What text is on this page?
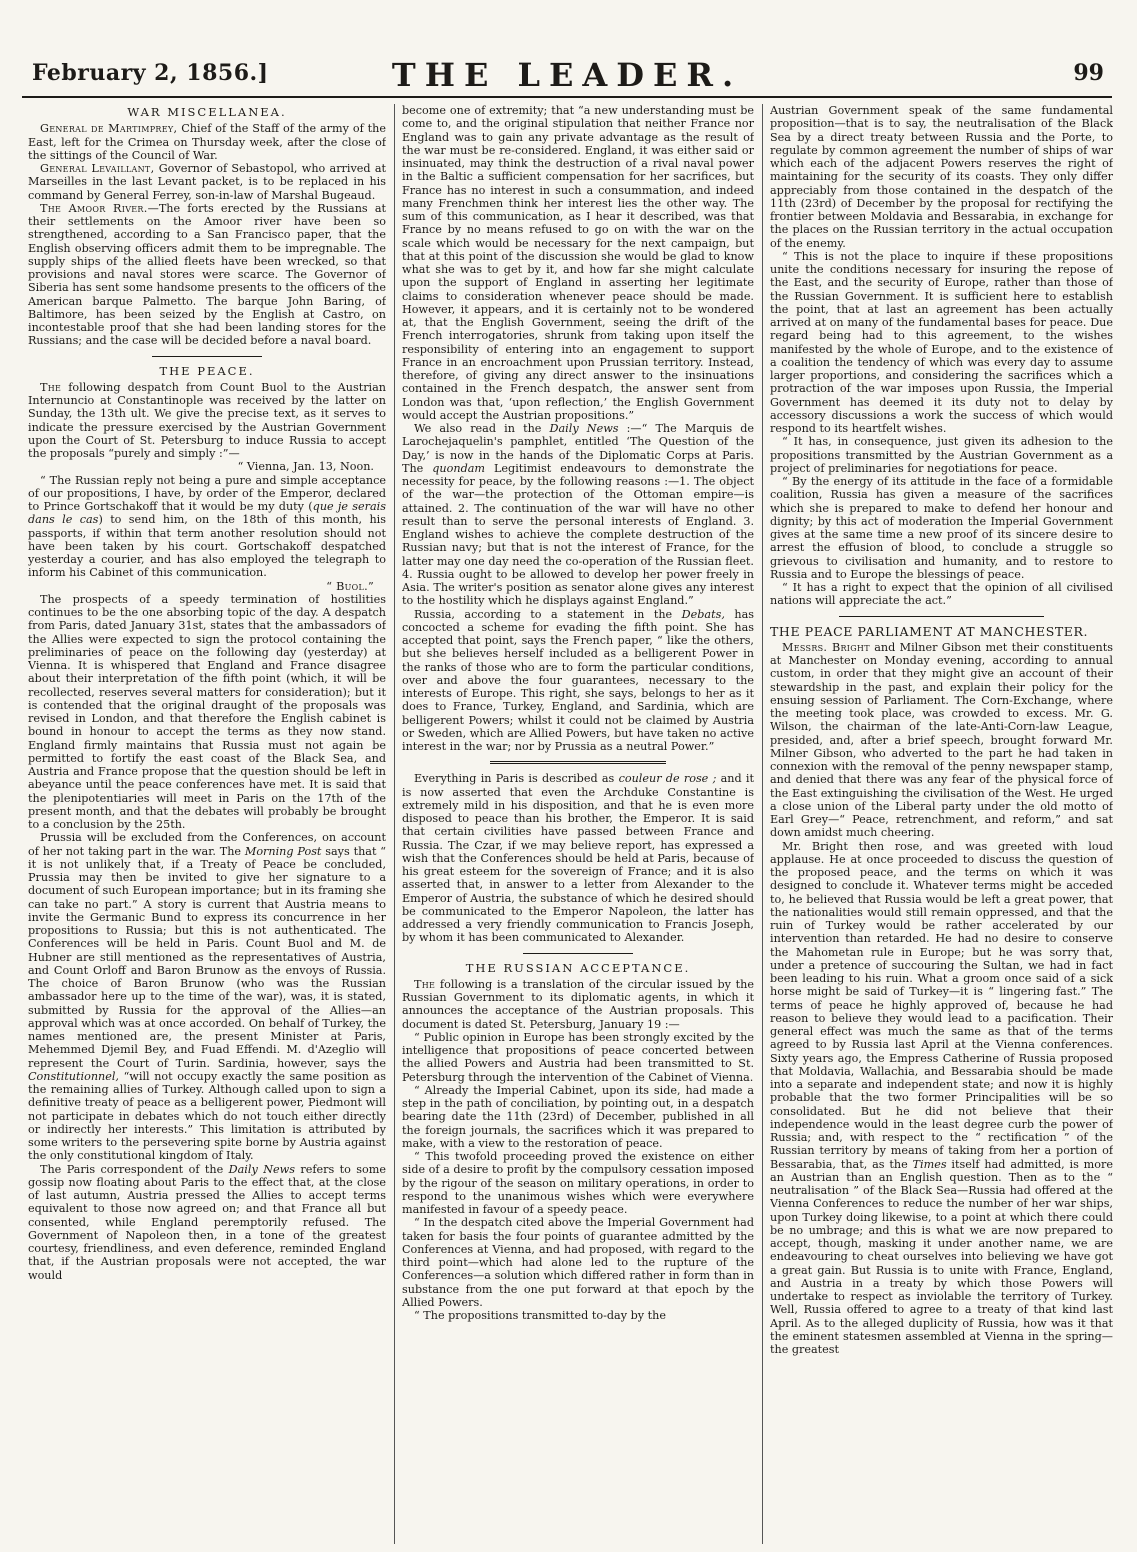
February 2, 1856.]	THE LEADER.	99
WAR MISCELLANEA.

General de Martimprey, Chief of the Staff of the army of the East, left for the Crimea on Thursday week, after the close of the sittings of the Council of War.

General Levaillant, Governor of Sebastopol, who arrived at Marseilles in the last Levant packet, is to be replaced in his command by General Ferrey, son-in-law of Marshal Bugeaud.

The Amoor River.—The forts erected by the Russians at their settlements on the Amoor river have been so strengthened, according to a San Francisco paper, that the English observing officers admit them to be impregnable. The supply ships of the allied fleets have been wrecked, so that provisions and naval stores were scarce. The Governor of Siberia has sent some handsome presents to the officers of the American barque Palmetto. The barque John Baring, of Baltimore, has been seized by the English at Castro, on incontestable proof that she had been landing stores for the Russians; and the case will be decided before a naval board.

THE PEACE.

The following despatch from Count Buol to the Austrian Internuncio at Constantinople was received by the latter on Sunday, the 13th ult. We give the precise text, as it serves to indicate the pressure exercised by the Austrian Government upon the Court of St. Petersburg to induce Russia to accept the proposals “purely and simply :”—

“ Vienna, Jan. 13, Noon.

“ The Russian reply not being a pure and simple acceptance of our propositions, I have, by order of the Emperor, declared to Prince Gortschakoff that it would be my duty (que je serais dans le cas) to send him, on the 18th of this month, his passports, if within that term another resolution should not have been taken by his court. Gortschakoff despatched yesterday a courier, and has also employed the telegraph to inform his Cabinet of this communication.

“ Buol.”

The prospects of a speedy termination of hostilities continues to be the one absorbing topic of the day. A despatch from Paris, dated January 31st, states that the ambassadors of the Allies were expected to sign the protocol containing the preliminaries of peace on the following day (yesterday) at Vienna. It is whispered that England and France disagree about their interpretation of the fifth point (which, it will be recollected, reserves several matters for consideration); but it is contended that the original draught of the proposals was revised in London, and that therefore the English cabinet is bound in honour to accept the terms as they now stand. England firmly maintains that Russia must not again be permitted to fortify the east coast of the Black Sea, and Austria and France propose that the question should be left in abeyance until the peace conferences have met. It is said that the plenipotentiaries will meet in Paris on the 17th of the present month, and that the debates will probably be brought to a conclusion by the 25th.

Prussia will be excluded from the Conferences, on account of her not taking part in the war. The Morning Post says that “ it is not unlikely that, if a Treaty of Peace be concluded, Prussia may then be invited to give her signature to a document of such European importance; but in its framing she can take no part.” A story is current that Austria means to invite the Germanic Bund to express its concurrence in her propositions to Russia; but this is not authenticated. The Conferences will be held in Paris. Count Buol and M. de Hubner are still mentioned as the representatives of Austria, and Count Orloff and Baron Brunow as the envoys of Russia. The choice of Baron Brunow (who was the Russian ambassador here up to the time of the war), was, it is stated, submitted by Russia for the approval of the Allies—an approval which was at once accorded. On behalf of Turkey, the names mentioned are, the present Minister at Paris, Mehemmed Djemil Bey, and Fuad Effendi. M. d'Azeglio will represent the Court of Turin. Sardinia, however, says the Constitutionnel, “will not occupy exactly the same position as the remaining allies of Turkey. Although called upon to sign a definitive treaty of peace as a belligerent power, Piedmont will not participate in debates which do not touch either directly or indirectly her interests.” This limitation is attributed by some writers to the persevering spite borne by Austria against the only constitutional kingdom of Italy.

The Paris correspondent of the Daily News refers to some gossip now floating about Paris to the effect that, at the close of last autumn, Austria pressed the Allies to accept terms equivalent to those now agreed on; and that France all but consented, while England peremptorily refused. The Government of Napoleon then, in a tone of the greatest courtesy, friendliness, and even deference, reminded England that, if the Austrian proposals were not accepted, the war would

become one of extremity; that “a new understanding must be come to, and the original stipulation that neither France nor England was to gain any private advantage as the result of the war must be re-considered. England, it was either said or insinuated, may think the destruction of a rival naval power in the Baltic a sufficient compensation for her sacrifices, but France has no interest in such a consummation, and indeed many Frenchmen think her interest lies the other way. The sum of this communication, as I hear it described, was that France by no means refused to go on with the war on the scale which would be necessary for the next campaign, but that at this point of the discussion she would be glad to know what she was to get by it, and how far she might calculate upon the support of England in asserting her legitimate claims to consideration whenever peace should be made. However, it appears, and it is certainly not to be wondered at, that the English Government, seeing the drift of the French interrogatories, shrunk from taking upon itself the responsibility of entering into an engagement to support France in an encroachment upon Prussian territory. Instead, therefore, of giving any direct answer to the insinuations contained in the French despatch, the answer sent from London was that, ‘upon reflection,’ the English Government would accept the Austrian propositions.”

We also read in the Daily News :—“ The Marquis de Larochejaquelin's pamphlet, entitled ‘The Question of the Day,’ is now in the hands of the Diplomatic Corps at Paris. The quondam Legitimist endeavours to demonstrate the necessity for peace, by the following reasons :—1. The object of the war—the protection of the Ottoman empire—is attained. 2. The continuation of the war will have no other result than to serve the personal interests of England. 3. England wishes to achieve the complete destruction of the Russian navy; but that is not the interest of France, for the latter may one day need the co-operation of the Russian fleet. 4. Russia ought to be allowed to develop her power freely in Asia. The writer's position as senator alone gives any interest to the hostility which he displays against England.”

Russia, according to a statement in the Debats, has concocted a scheme for evading the fifth point. She has accepted that point, says the French paper, “ like the others, but she believes herself included as a belligerent Power in the ranks of those who are to form the particular conditions, over and above the four guarantees, necessary to the interests of Europe. This right, she says, belongs to her as it does to France, Turkey, England, and Sardinia, which are belligerent Powers; whilst it could not be claimed by Austria or Sweden, which are Allied Powers, but have taken no active interest in the war; nor by Prussia as a neutral Power.”

Everything in Paris is described as couleur de rose ; and it is now asserted that even the Archduke Constantine is extremely mild in his disposition, and that he is even more disposed to peace than his brother, the Emperor. It is said that certain civilities have passed between France and Russia. The Czar, if we may believe report, has expressed a wish that the Conferences should be held at Paris, because of his great esteem for the sovereign of France; and it is also asserted that, in answer to a letter from Alexander to the Emperor of Austria, the substance of which he desired should be communicated to the Emperor Napoleon, the latter has addressed a very friendly communication to Francis Joseph, by whom it has been communicated to Alexander.

THE RUSSIAN ACCEPTANCE.

The following is a translation of the circular issued by the Russian Government to its diplomatic agents, in which it announces the acceptance of the Austrian proposals. This document is dated St. Petersburg, January 19 :—

“ Public opinion in Europe has been strongly excited by the intelligence that propositions of peace concerted between the allied Powers and Austria had been transmitted to St. Petersburg through the intervention of the Cabinet of Vienna.

“ Already the Imperial Cabinet, upon its side, had made a step in the path of conciliation, by pointing out, in a despatch bearing date the 11th (23rd) of December, published in all the foreign journals, the sacrifices which it was prepared to make, with a view to the restoration of peace.

“ This twofold proceeding proved the existence on either side of a desire to profit by the compulsory cessation imposed by the rigour of the season on military operations, in order to respond to the unanimous wishes which were everywhere manifested in favour of a speedy peace.

“ In the despatch cited above the Imperial Government had taken for basis the four points of guarantee admitted by the Conferences at Vienna, and had proposed, with regard to the third point—which had alone led to the rupture of the Conferences—a solution which differed rather in form than in substance from the one put forward at that epoch by the Allied Powers.

“ The propositions transmitted to-day by the

Austrian Government speak of the same fundamental proposition—that is to say, the neutralisation of the Black Sea by a direct treaty between Russia and the Porte, to regulate by common agreement the number of ships of war which each of the adjacent Powers reserves the right of maintaining for the security of its coasts. They only differ appreciably from those contained in the despatch of the 11th (23rd) of December by the proposal for rectifying the frontier between Moldavia and Bessarabia, in exchange for the places on the Russian territory in the actual occupation of the enemy.

“ This is not the place to inquire if these propositions unite the conditions necessary for insuring the repose of the East, and the security of Europe, rather than those of the Russian Government. It is sufficient here to establish the point, that at last an agreement has been actually arrived at on many of the fundamental bases for peace. Due regard being had to this agreement, to the wishes manifested by the whole of Europe, and to the existence of a coalition the tendency of which was every day to assume larger proportions, and considering the sacrifices which a protraction of the war imposes upon Russia, the Imperial Government has deemed it its duty not to delay by accessory discussions a work the success of which would respond to its heartfelt wishes.

“ It has, in consequence, just given its adhesion to the propositions transmitted by the Austrian Government as a project of preliminaries for negotiations for peace.

“ By the energy of its attitude in the face of a formidable coalition, Russia has given a measure of the sacrifices which she is prepared to make to defend her honour and dignity; by this act of moderation the Imperial Government gives at the same time a new proof of its sincere desire to arrest the effusion of blood, to conclude a struggle so grievous to civilisation and humanity, and to restore to Russia and to Europe the blessings of peace.

“ It has a right to expect that the opinion of all civilised nations will appreciate the act.”

THE PEACE PARLIAMENT AT MANCHESTER.

Messrs. Bright and Milner Gibson met their constituents at Manchester on Monday evening, according to annual custom, in order that they might give an account of their stewardship in the past, and explain their policy for the ensuing session of Parliament. The Corn-Exchange, where the meeting took place, was crowded to excess. Mr. G. Wilson, the chairman of the late-Anti-Corn-law League, presided, and, after a brief speech, brought forward Mr. Milner Gibson, who adverted to the part he had taken in connexion with the removal of the penny newspaper stamp, and denied that there was any fear of the physical force of the East extinguishing the civilisation of the West. He urged a close union of the Liberal party under the old motto of Earl Grey—“ Peace, retrenchment, and reform,” and sat down amidst much cheering.

Mr. Bright then rose, and was greeted with loud applause. He at once proceeded to discuss the question of the proposed peace, and the terms on which it was designed to conclude it. Whatever terms might be acceded to, he believed that Russia would be left a great power, that the nationalities would still remain oppressed, and that the ruin of Turkey would be rather accelerated by our intervention than retarded. He had no desire to conserve the Mahometan rule in Europe; but he was sorry that, under a pretence of succouring the Sultan, we had in fact been leading to his ruin. What a groom once said of a sick horse might be said of Turkey—it is “ lingering fast.” The terms of peace he highly approved of, because he had reason to believe they would lead to a pacification. Their general effect was much the same as that of the terms agreed to by Russia last April at the Vienna conferences. Sixty years ago, the Empress Catherine of Russia proposed that Moldavia, Wallachia, and Bessarabia should be made into a separate and independent state; and now it is highly probable that the two former Principalities will be so consolidated. But he did not believe that their independence would in the least degree curb the power of Russia; and, with respect to the “ rectification ” of the Russian territory by means of taking from her a portion of Bessarabia, that, as the Times itself had admitted, is more an Austrian than an English question. Then as to the “ neutralisation ” of the Black Sea—Russia had offered at the Vienna Conferences to reduce the number of her war ships, upon Turkey doing likewise, to a point at which there could be no umbrage; and this is what we are now prepared to accept, though, masking it under another name, we are endeavouring to cheat ourselves into believing we have got a great gain. But Russia is to unite with France, England, and Austria in a treaty by which those Powers will undertake to respect as inviolable the territory of Turkey. Well, Russia offered to agree to a treaty of that kind last April. As to the alleged duplicity of Russia, how was it that the eminent statesmen assembled at Vienna in the spring—the greatest
